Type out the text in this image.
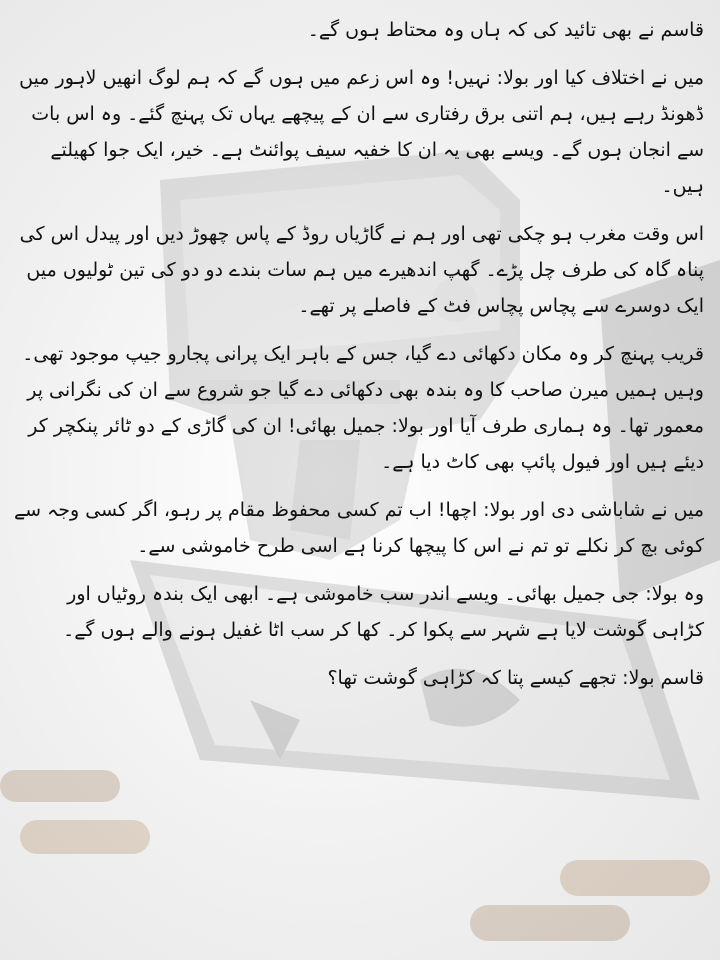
قاسم نے بھی تائید کی کہ ہاں وہ محتاط ہوں گے۔

میں نے اختلاف کیا اور بولا: نہیں! وہ اس زعم میں ہوں گے کہ ہم لوگ انھیں لاہور میں ڈھونڈ رہے ہیں، ہم اتنی برق رفتاری سے ان کے پیچھے یہاں تک پہنچ گئے۔ وہ اس بات سے انجان ہوں گے۔ ویسے بھی یہ ان کا خفیہ سیف پوائنٹ ہے۔ خیر، ایک جوا کھیلتے ہیں۔

اس وقت مغرب ہو چکی تھی اور ہم نے گاڑیاں روڈ کے پاس چھوڑ دیں اور پیدل اس کی پناہ گاہ کی طرف چل پڑے۔ گھپ اندھیرے میں ہم سات بندے دو دو کی تین ٹولیوں میں ایک دوسرے سے پچاس پچاس فٹ کے فاصلے پر تھے۔

قریب پہنچ کر وہ مکان دکھائی دے گیا، جس کے باہر ایک پرانی پجارو جیپ موجود تھی۔ وہیں ہمیں میرن صاحب کا وہ بندہ بھی دکھائی دے گیا جو شروع سے ان کی نگرانی پر معمور تھا۔ وہ ہماری طرف آیا اور بولا: جمیل بھائی! ان کی گاڑی کے دو ٹائر پنکچر کر دیئے ہیں اور فیول پائپ بھی کاٹ دیا ہے۔

میں نے شاباشی دی اور بولا: اچھا! اب تم کسی محفوظ مقام پر رہو، اگر کسی وجہ سے کوئی بچ کر نکلے تو تم نے اس کا پیچھا کرنا ہے اسی طرح خاموشی سے۔

وہ بولا: جی جمیل بھائی۔ ویسے اندر سب خاموشی ہے۔ ابھی ایک بندہ روٹیاں اور کڑاہی گوشت لایا ہے شہر سے پکوا کر۔ کھا کر سب اٹا غفیل ہونے والے ہوں گے۔

قاسم بولا: تجھے کیسے پتا کہ کڑاہی گوشت تھا؟
